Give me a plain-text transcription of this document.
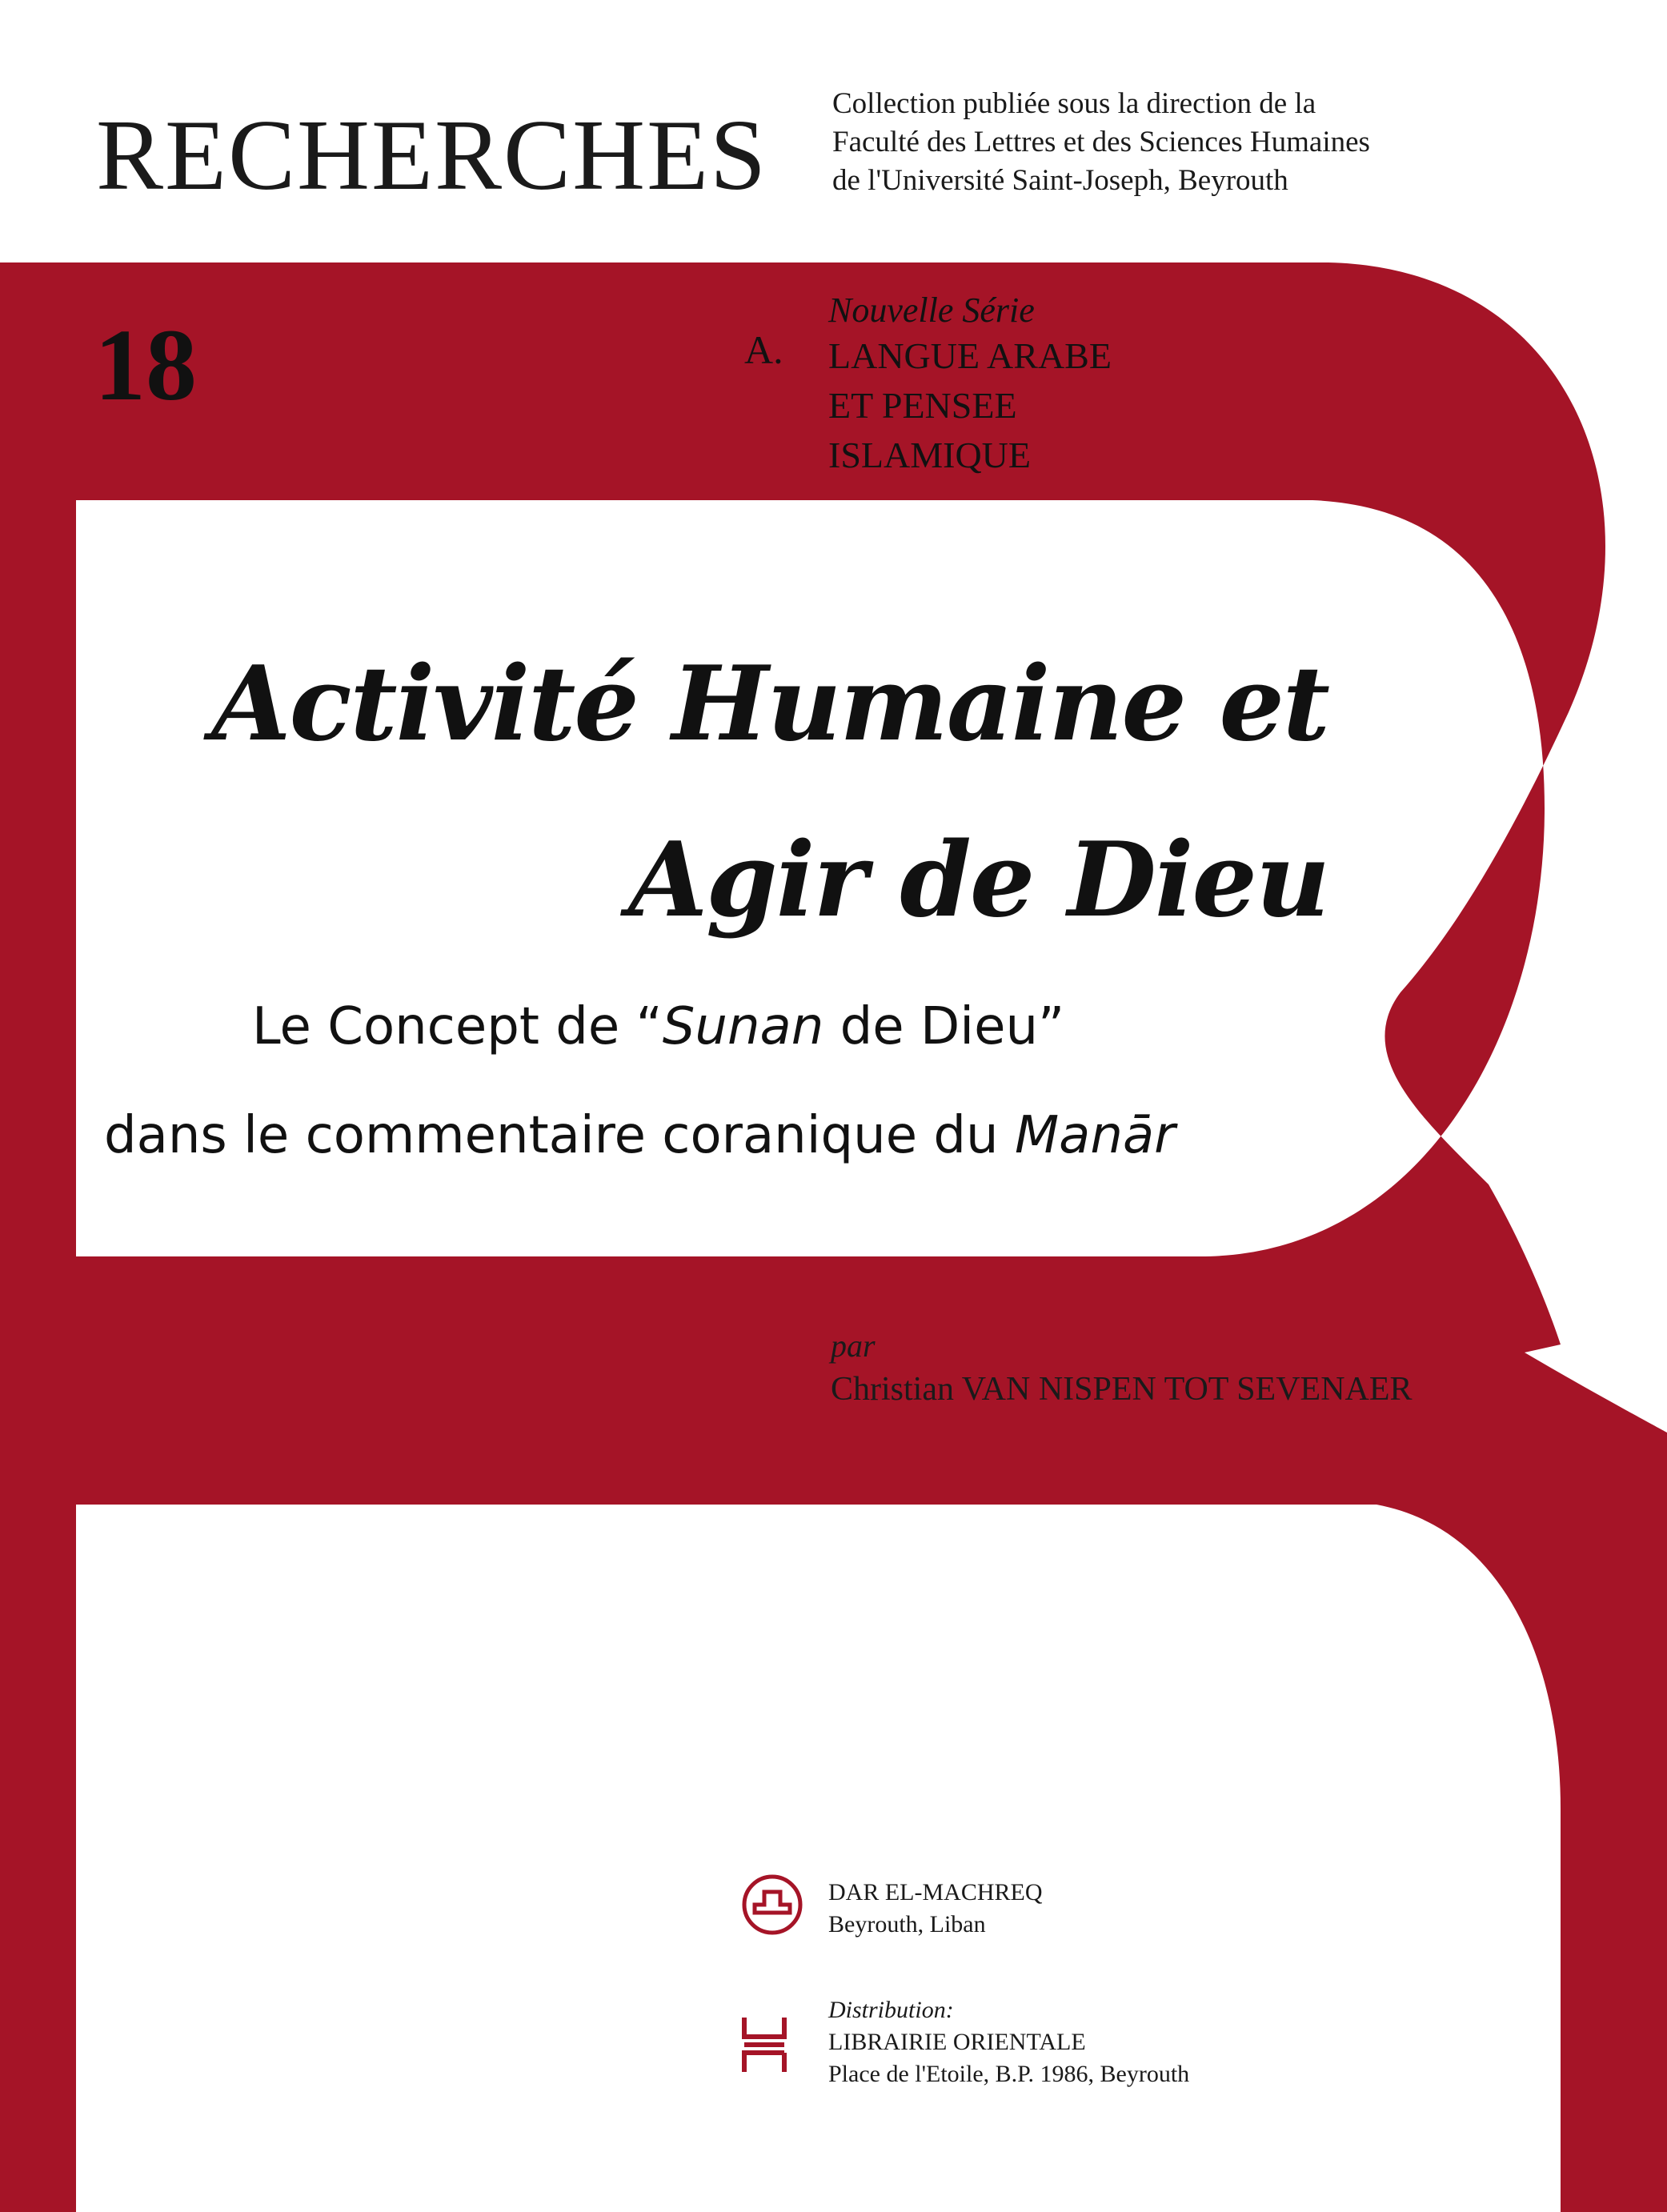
RECHERCHES Collection publiée sous la direction de la
Faculté des Lettres et des Sciences Humaines
de l'Université Saint-Joseph, Beyrouth
18	A.
Nouvelle Série
LANGUE ARABE
ET PENSEE
ISLAMIQUE
Activité Humaine et
Agir de Dieu
Le Concept de “Sunan de Dieu”
dans le commentaire coranique du Manār
par
Christian VAN NISPEN TOT SEVENAER
DAR EL-MACHREQ
Beyrouth, Liban
Distribution:
LIBRAIRIE ORIENTALE
Place de l'Etoile, B.P. 1986, Beyrouth
